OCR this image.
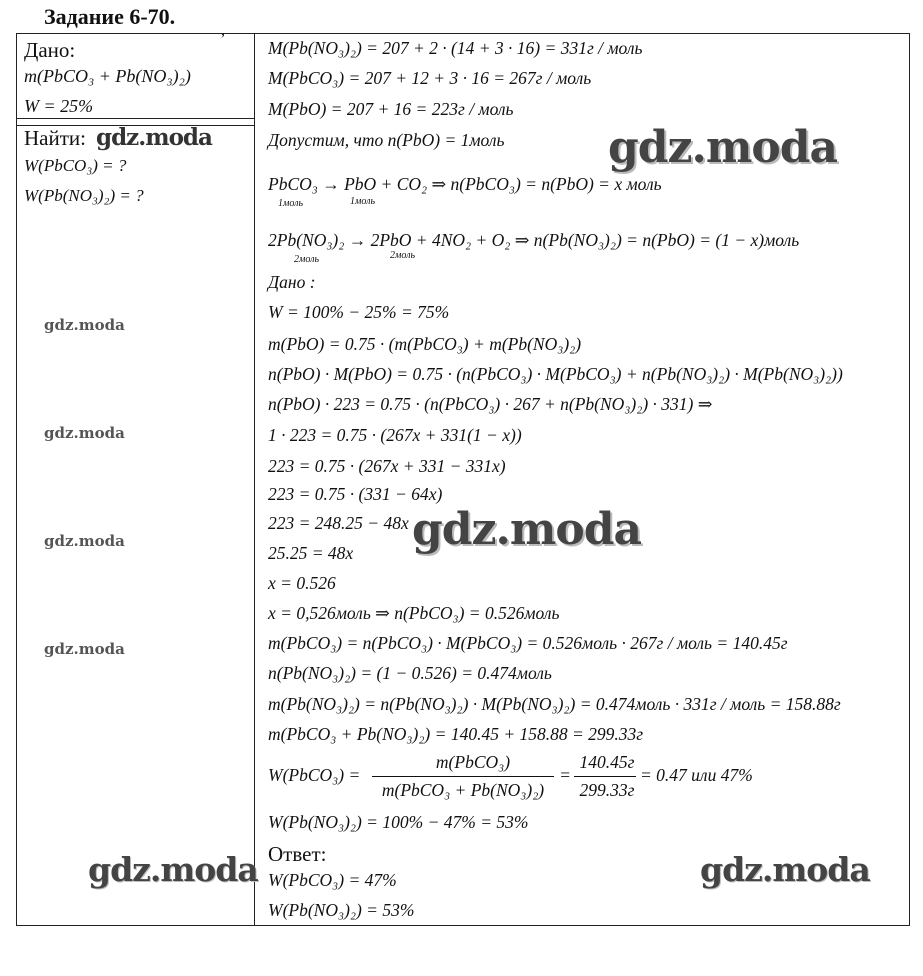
Задание 6-70.
,
Дано:
m(PbCO₃ + Pb(NO₃)₂)
W = 25%
Найти: gdz.moda
W(PbCO₃) = ?
W(Pb(NO₃)₂) = ?
gdz.moda
gdz.moda
gdz.moda
gdz.moda
M(Pb(NO₃)₂) = 207 + 2 · (14 + 3 · 16) = 331г / моль
M(PbCO₃) = 207 + 12 + 3 · 16 = 267г / моль
M(PbO) = 207 + 16 = 223г / моль
Допустим, что n(PbO) = 1моль
PbCO₃ → PbO + CO₂ ⇒ n(PbCO₃) = n(PbO) = x моль
1моль	1моль
2Pb(NO₃)₂ → 2PbO + 4NO₂ + O₂ ⇒ n(Pb(NO₃)₂) = n(PbO) = (1 − x)моль
2моль	2моль
Дано :
W = 100% − 25% = 75%
m(PbO) = 0.75 · (m(PbCO₃) + m(Pb(NO₃)₂)
n(PbO) · M(PbO) = 0.75 · (n(PbCO₃) · M(PbCO₃) + n(Pb(NO₃)₂) · M(Pb(NO₃)₂))
n(PbO) · 223 = 0.75 · (n(PbCO₃) · 267 + n(Pb(NO₃)₂) · 331) ⇒
1 · 223 = 0.75 · (267x + 331(1 − x))
223 = 0.75 · (267x + 331 − 331x)
223 = 0.75 · (331 − 64x)
223 = 248.25 − 48x
25.25 = 48x
x = 0.526
x = 0,526моль ⇒ n(PbCO₃) = 0.526моль
m(PbCO₃) = n(PbCO₃) · M(PbCO₃) = 0.526моль · 267г / моль = 140.45г
n(Pb(NO₃)₂) = (1 − 0.526) = 0.474моль
m(Pb(NO₃)₂) = n(Pb(NO₃)₂) · M(Pb(NO₃)₂) = 0.474моль · 331г / моль = 158.88г
m(PbCO₃ + Pb(NO₃)₂) = 140.45 + 158.88 = 299.33г
W(PbCO₃) =
m(PbCO₃)
m(PbCO₃ + Pb(NO₃)₂)
=
140.45г
299.33г
= 0.47 или 47%
W(Pb(NO₃)₂) = 100% − 47% = 53%
Ответ:
W(PbCO₃) = 47%
W(Pb(NO₃)₂) = 53%
gdz.moda
gdz.moda
gdz.moda	gdz.moda
